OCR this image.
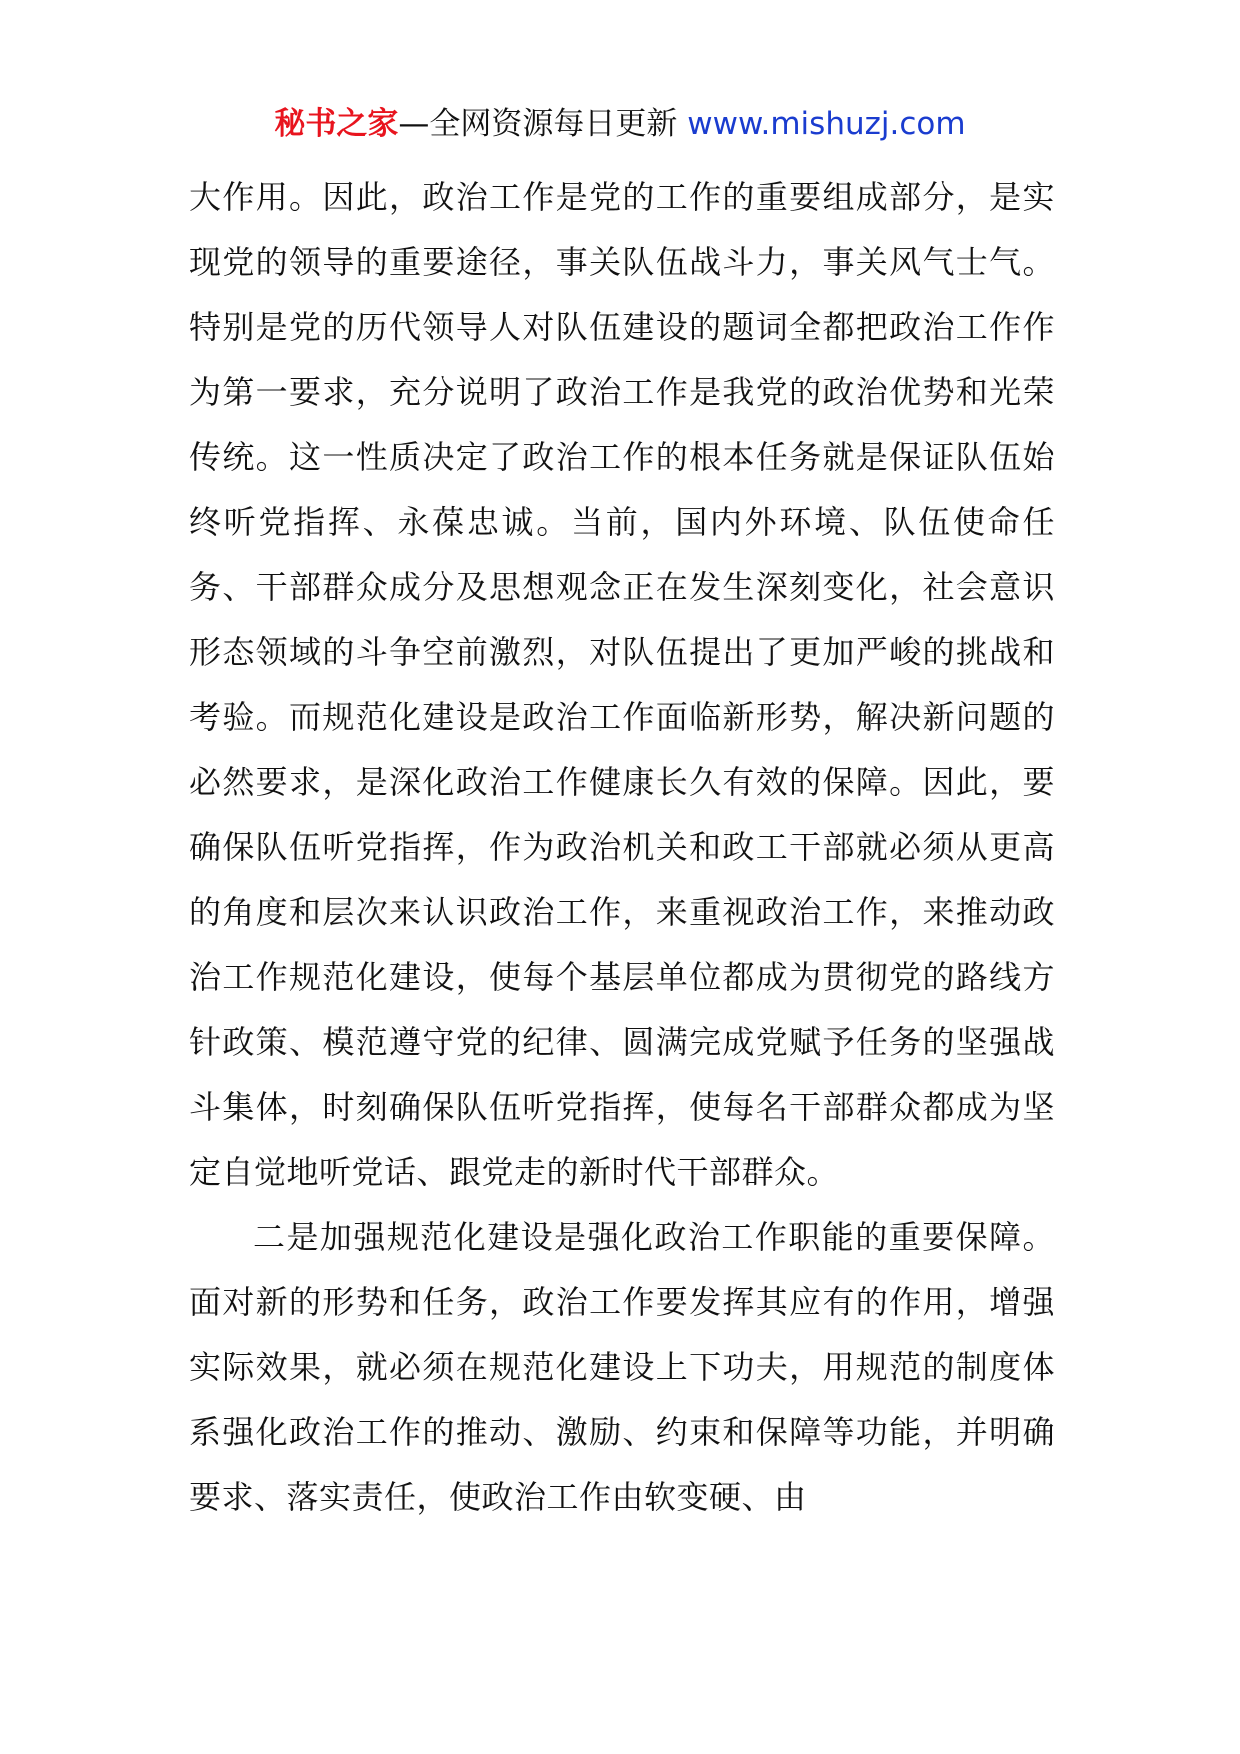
秘书之家—全网资源每日更新 www.mishuzj.com

大作用。因此，政治工作是党的工作的重要组成部分，是实现党的领导的重要途径，事关队伍战斗力，事关风气士气。特别是党的历代领导人对队伍建设的题词全都把政治工作作为第一要求，充分说明了政治工作是我党的政治优势和光荣传统。这一性质决定了政治工作的根本任务就是保证队伍始终听党指挥、永葆忠诚。当前，国内外环境、队伍使命任务、干部群众成分及思想观念正在发生深刻变化，社会意识形态领域的斗争空前激烈，对队伍提出了更加严峻的挑战和考验。而规范化建设是政治工作面临新形势，解决新问题的必然要求，是深化政治工作健康长久有效的保障。因此，要确保队伍听党指挥，作为政治机关和政工干部就必须从更高的角度和层次来认识政治工作，来重视政治工作，来推动政治工作规范化建设，使每个基层单位都成为贯彻党的路线方针政策、模范遵守党的纪律、圆满完成党赋予任务的坚强战斗集体，时刻确保队伍听党指挥，使每名干部群众都成为坚定自觉地听党话、跟党走的新时代干部群众。

二是加强规范化建设是强化政治工作职能的重要保障。面对新的形势和任务，政治工作要发挥其应有的作用，增强实际效果，就必须在规范化建设上下功夫，用规范的制度体系强化政治工作的推动、激励、约束和保障等功能，并明确要求、落实责任，使政治工作由软变硬、由
